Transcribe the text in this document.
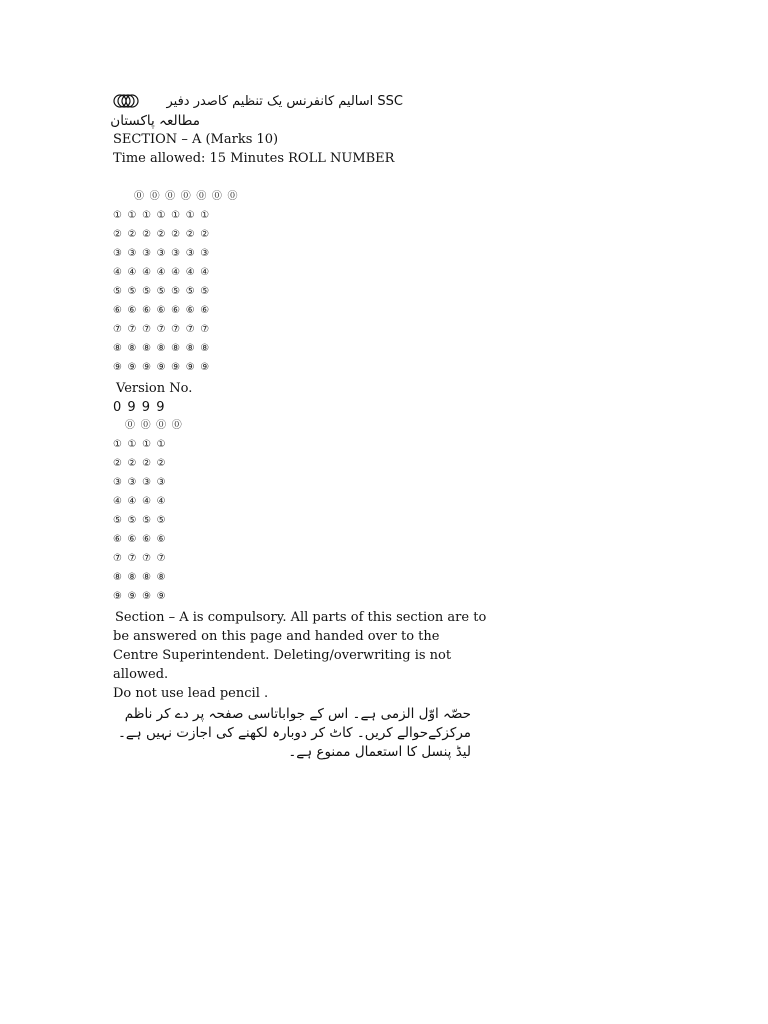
SSC اسالیم کانفرنس یک تنظیم کاصدر دفیر
مطالعہ پاکستان
SECTION – A (Marks 10)
Time allowed: 15 Minutes ROLL NUMBER
⓪ ⓪ ⓪ ⓪ ⓪ ⓪ ⓪
① ① ① ① ① ① ①
② ② ② ② ② ② ②
③ ③ ③ ③ ③ ③ ③
④ ④ ④ ④ ④ ④ ④
⑤ ⑤ ⑤ ⑤ ⑤ ⑤ ⑤
⑥ ⑥ ⑥ ⑥ ⑥ ⑥ ⑥
⑦ ⑦ ⑦ ⑦ ⑦ ⑦ ⑦
⑧ ⑧ ⑧ ⑧ ⑧ ⑧ ⑧
⑨ ⑨ ⑨ ⑨ ⑨ ⑨ ⑨
Version No.
0 9 9 9
⓪ ⓪ ⓪ ⓪
① ① ① ①
② ② ② ②
③ ③ ③ ③
④ ④ ④ ④
⑤ ⑤ ⑤ ⑤
⑥ ⑥ ⑥ ⑥
⑦ ⑦ ⑦ ⑦
⑧ ⑧ ⑧ ⑧
⑨ ⑨ ⑨ ⑨
Section – A is compulsory. All parts of this section are to
be answered on this page and handed over to the
Centre Superintendent. Deleting/overwriting is not
allowed.
Do not use lead pencil .
حصّہ اوّل الزمی ہے۔ اس کے جواباتاسی صفحہ پر دے کر ناظم
مرکزکےحوالے کریں۔ کاٹ کر دوبارہ لکھنے کی اجازت نہیں ہے۔
لیڈ پنسل کا استعمال ممنوع ہے۔
